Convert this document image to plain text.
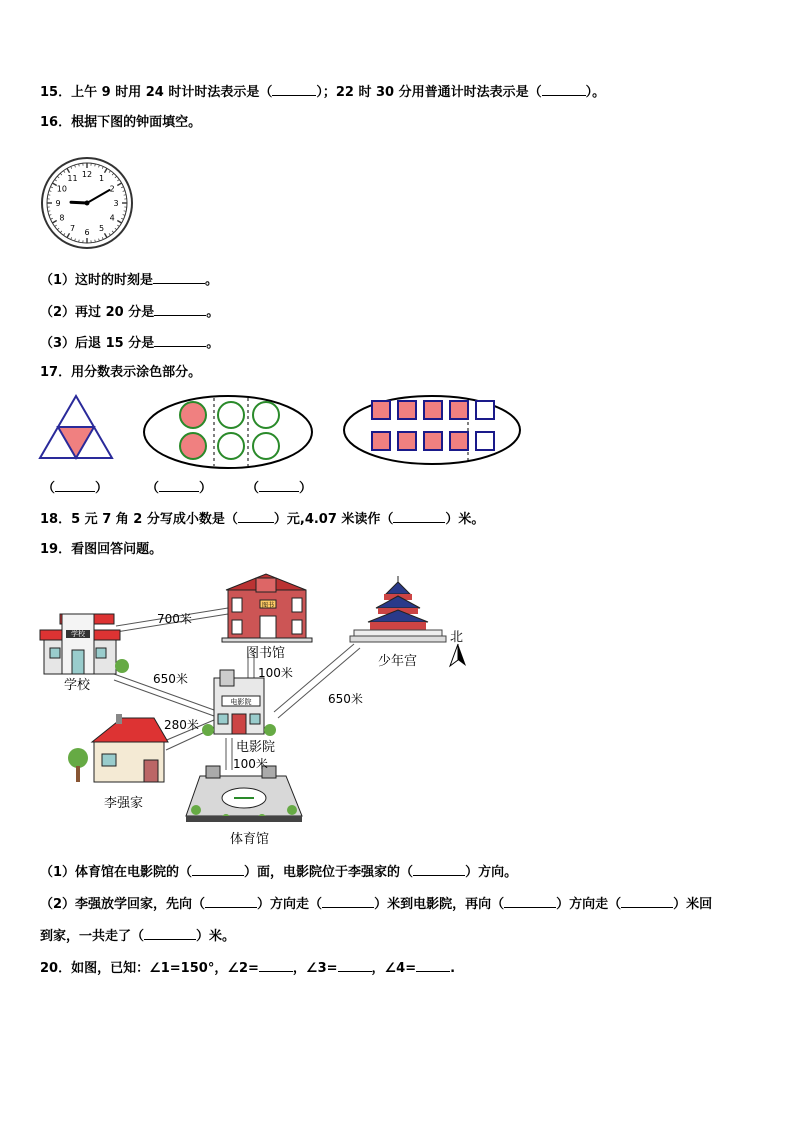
15．上午 9 时用 24 时计时法表示是（	）；22 时 30 分用普通计时法表示是（	）。
16．根据下图的钟面填空。
12 1
2
3
4
5
6
7
8
9
10
11
（1）这时的时刻是	。
（2）再过 20 分是	。
（3）后退 15 分是	。
17．用分数表示涂色部分。
（	）	（	）	（	）
18．5 元 7 角 2 分写成小数是（	）元,4.07 米读作（	）米。
19．看图回答问题。
学校
图书
电影院
700米
学校	650米
图书馆
100米
少年宫
北
650米
280米
电影院
100米
李强家
体育馆
（1）体育馆在电影院的（	）面，电影院位于李强家的（	）方向。
（2）李强放学回家，先向（	）方向走（	）米到电影院，再向（	）方向走（	）米回
到家，一共走了（	）米。
20．如图，已知：∠1=150°，∠2=	，∠3=	，∠4=	.
